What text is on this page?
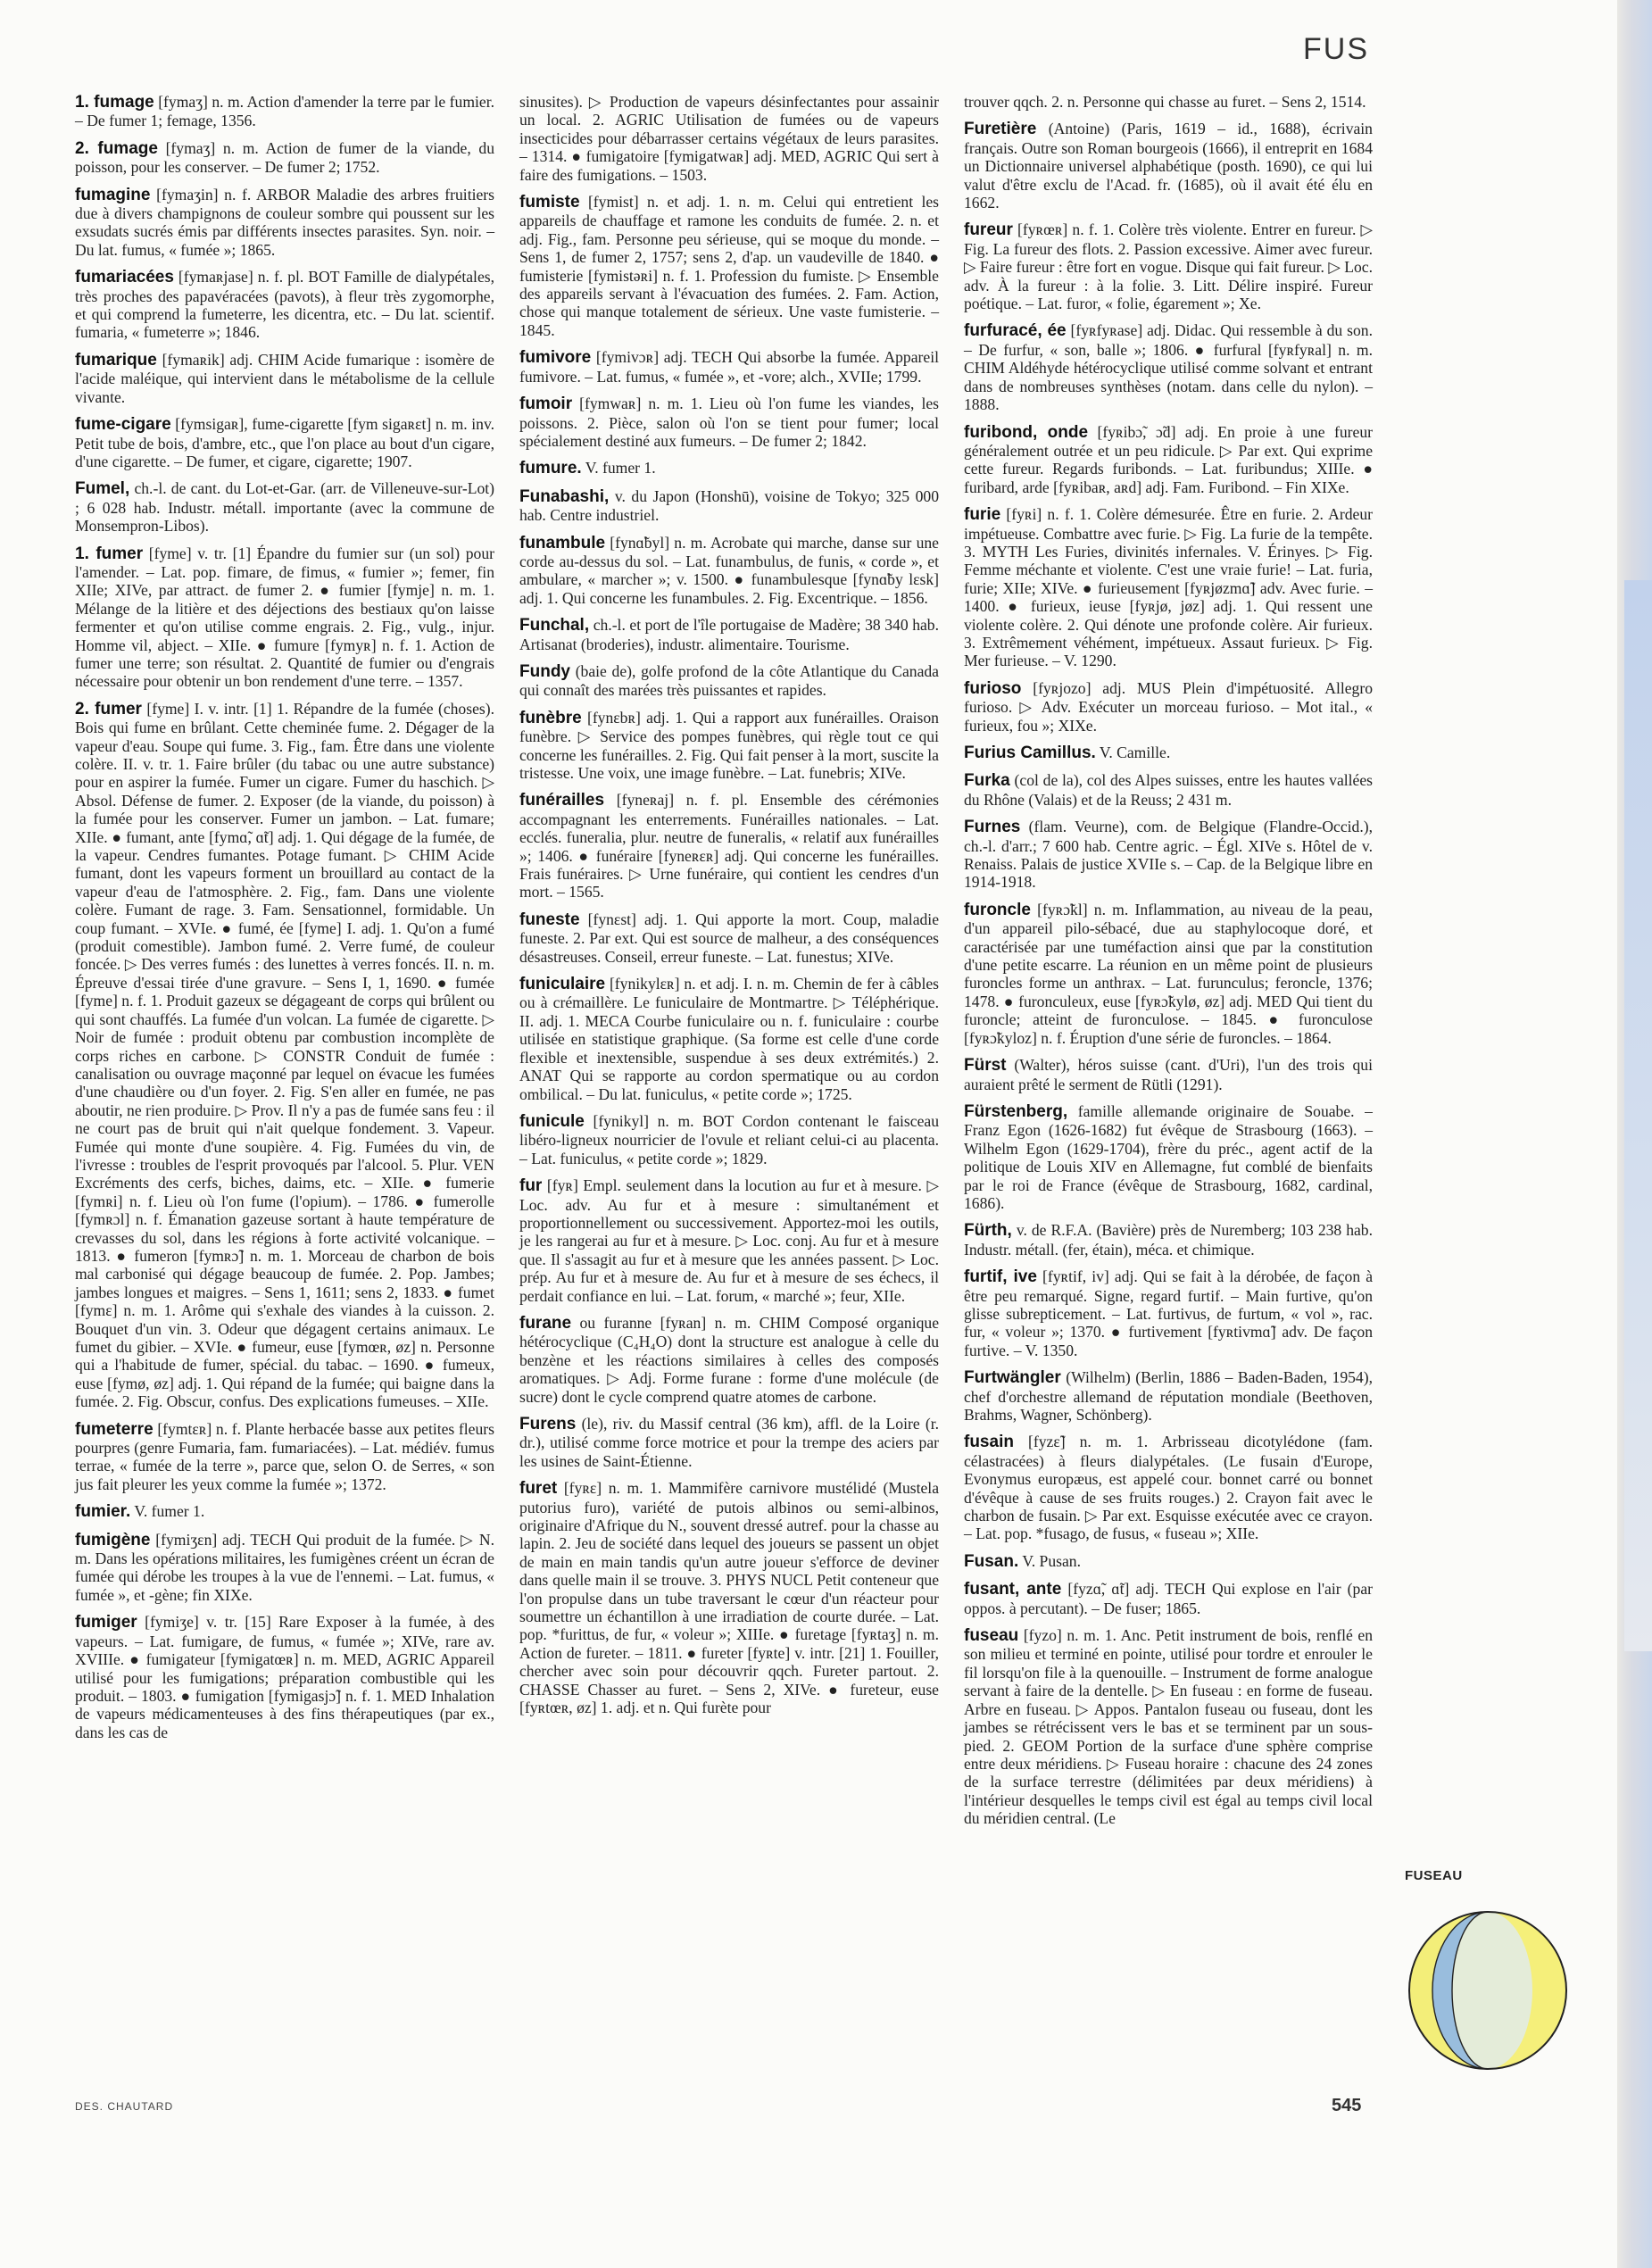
FUS
1. fumage [fymaʒ] n. m. Action d'amender la terre par le fumier. – De fumer 1; femage, 1356.
2. fumage [fymaʒ] n. m. Action de fumer de la viande, du poisson, pour les conserver. – De fumer 2; 1752.
fumagine [fymaʒin] n. f. ARBOR Maladie des arbres fruitiers due à divers champignons de couleur sombre qui poussent sur les exsudats sucrés émis par différents insectes parasites. Syn. noir. – Du lat. fumus, « fumée »; 1865.
fumariacées [fymaʀjase] n. f. pl. BOT Famille de dialypétales, très proches des papavéracées (pavots), à fleur très zygomorphe, et qui comprend la fumeterre, les dicentra, etc. – Du lat. scientif. fumaria, « fumeterre »; 1846.
fumarique [fymaʀik] adj. CHIM Acide fumarique : isomère de l'acide maléique, qui intervient dans le métabolisme de la cellule vivante.
fume-cigare [fymsigaʀ], fume-cigarette [fym sigaʀɛt] n. m. inv. Petit tube de bois, d'ambre, etc., que l'on place au bout d'un cigare, d'une cigarette. – De fumer, et cigare, cigarette; 1907.
Fumel, ch.-l. de cant. du Lot-et-Gar. (arr. de Villeneuve-sur-Lot) ; 6 028 hab. Industr. métall. importante (avec la commune de Monsempron-Libos).
1. fumer [fyme] v. tr. [1] Épandre du fumier sur (un sol) pour l'amender. – Lat. pop. fimare, de fimus, « fumier »; femer, fin XIIe; XIVe, par attract. de fumer 2. ● fumier [fymje] n. m. 1. Mélange de la litière et des déjections des bestiaux qu'on laisse fermenter et qu'on utilise comme engrais. 2. Fig., vulg., injur. Homme vil, abject. – XIIe. ● fumure [fymyʀ] n. f. 1. Action de fumer une terre; son résultat. 2. Quantité de fumier ou d'engrais nécessaire pour obtenir un bon rendement d'une terre. – 1357.
2. fumer [fyme] I. v. intr. [1] 1. Répandre de la fumée (choses). Bois qui fume en brûlant. Cette cheminée fume. 2. Dégager de la vapeur d'eau. Soupe qui fume. 3. Fig., fam. Être dans une violente colère. II. v. tr. 1. Faire brûler (du tabac ou une autre substance) pour en aspirer la fumée. Fumer un cigare. Fumer du haschich. ▷ Absol. Défense de fumer. 2. Exposer (de la viande, du poisson) à la fumée pour les conserver. Fumer un jambon. – Lat. fumare; XIIe. ● fumant, ante [fymɑ̃, ɑ̃t] adj. 1. Qui dégage de la fumée, de la vapeur. Cendres fumantes. Potage fumant. ▷ CHIM Acide fumant, dont les vapeurs forment un brouillard au contact de la vapeur d'eau de l'atmosphère. 2. Fig., fam. Dans une violente colère. Fumant de rage. 3. Fam. Sensationnel, formidable. Un coup fumant. – XVIe. ● fumé, ée [fyme] I. adj. 1. Qu'on a fumé (produit comestible). Jambon fumé. 2. Verre fumé, de couleur foncée. ▷ Des verres fumés : des lunettes à verres foncés. II. n. m. Épreuve d'essai tirée d'une gravure. – Sens I, 1, 1690. ● fumée [fyme] n. f. 1. Produit gazeux se dégageant de corps qui brûlent ou qui sont chauffés. La fumée d'un volcan. La fumée de cigarette. ▷ Noir de fumée : produit obtenu par combustion incomplète de corps riches en carbone. ▷ CONSTR Conduit de fumée : canalisation ou ouvrage maçonné par lequel on évacue les fumées d'une chaudière ou d'un foyer. 2. Fig. S'en aller en fumée, ne pas aboutir, ne rien produire. ▷ Prov. Il n'y a pas de fumée sans feu : il ne court pas de bruit qui n'ait quelque fondement. 3. Vapeur. Fumée qui monte d'une soupière. 4. Fig. Fumées du vin, de l'ivresse : troubles de l'esprit provoqués par l'alcool. 5. Plur. VEN Excréments des cerfs, biches, daims, etc. – XIIe. ● fumerie [fymʀi] n. f. Lieu où l'on fume (l'opium). – 1786. ● fumerolle [fymʀɔl] n. f. Émanation gazeuse sortant à haute température de crevasses du sol, dans les régions à forte activité volcanique. – 1813. ● fumeron [fymʀɔ̃] n. m. 1. Morceau de charbon de bois mal carbonisé qui dégage beaucoup de fumée. 2. Pop. Jambes; jambes longues et maigres. – Sens 1, 1611; sens 2, 1833. ● fumet [fymɛ] n. m. 1. Arôme qui s'exhale des viandes à la cuisson. 2. Bouquet d'un vin. 3. Odeur que dégagent certains animaux. Le fumet du gibier. – XVIe. ● fumeur, euse [fymœʀ, øz] n. Personne qui a l'habitude de fumer, spécial. du tabac. – 1690. ● fumeux, euse [fymø, øz] adj. 1. Qui répand de la fumée; qui baigne dans la fumée. 2. Fig. Obscur, confus. Des explications fumeuses. – XIIe.
fumeterre [fymtɛʀ] n. f. Plante herbacée basse aux petites fleurs pourpres (genre Fumaria, fam. fumariacées). – Lat. médiév. fumus terrae, « fumée de la terre », parce que, selon O. de Serres, « son jus fait pleurer les yeux comme la fumée »; 1372.
fumier. V. fumer 1.
fumigène [fymiʒɛn] adj. TECH Qui produit de la fumée. ▷ N. m. Dans les opérations militaires, les fumigènes créent un écran de fumée qui dérobe les troupes à la vue de l'ennemi. – Lat. fumus, « fumée », et -gène; fin XIXe.
fumiger [fymiʒe] v. tr. [15] Rare Exposer à la fumée, à des vapeurs. – Lat. fumigare, de fumus, « fumée »; XIVe, rare av. XVIIIe. ● fumigateur [fymigatœʀ] n. m. MED, AGRIC Appareil utilisé pour les fumigations; préparation combustible qui les produit. – 1803. ● fumigation [fymigasjɔ̃] n. f. 1. MED Inhalation de vapeurs médicamenteuses à des fins thérapeutiques (par ex., dans les cas de
sinusites). ▷ Production de vapeurs désinfectantes pour assainir un local. 2. AGRIC Utilisation de fumées ou de vapeurs insecticides pour débarrasser certains végétaux de leurs parasites. – 1314. ● fumigatoire [fymigatwaʀ] adj. MED, AGRIC Qui sert à faire des fumigations. – 1503.
fumiste [fymist] n. et adj. 1. n. m. Celui qui entretient les appareils de chauffage et ramone les conduits de fumée. 2. n. et adj. Fig., fam. Personne peu sérieuse, qui se moque du monde. – Sens 1, de fumer 2, 1757; sens 2, d'ap. un vaudeville de 1840. ● fumisterie [fymistəʀi] n. f. 1. Profession du fumiste. ▷ Ensemble des appareils servant à l'évacuation des fumées. 2. Fam. Action, chose qui manque totalement de sérieux. Une vaste fumisterie. – 1845.
fumivore [fymivɔʀ] adj. TECH Qui absorbe la fumée. Appareil fumivore. – Lat. fumus, « fumée », et -vore; alch., XVIIe; 1799.
fumoir [fymwaʀ] n. m. 1. Lieu où l'on fume les viandes, les poissons. 2. Pièce, salon où l'on se tient pour fumer; local spécialement destiné aux fumeurs. – De fumer 2; 1842.
fumure. V. fumer 1.
Funabashi, v. du Japon (Honshū), voisine de Tokyo; 325 000 hab. Centre industriel.
funambule [fynɑ̃byl] n. m. Acrobate qui marche, danse sur une corde au-dessus du sol. – Lat. funambulus, de funis, « corde », et ambulare, « marcher »; v. 1500. ● funambulesque [fynɑ̃by lɛsk] adj. 1. Qui concerne les funambules. 2. Fig. Excentrique. – 1856.
Funchal, ch.-l. et port de l'île portugaise de Madère; 38 340 hab. Artisanat (broderies), industr. alimentaire. Tourisme.
Fundy (baie de), golfe profond de la côte Atlantique du Canada qui connaît des marées très puissantes et rapides.
funèbre [fynɛbʀ] adj. 1. Qui a rapport aux funérailles. Oraison funèbre. ▷ Service des pompes funèbres, qui règle tout ce qui concerne les funérailles. 2. Fig. Qui fait penser à la mort, suscite la tristesse. Une voix, une image funèbre. – Lat. funebris; XIVe.
funérailles [fyneʀaj] n. f. pl. Ensemble des cérémonies accompagnant les enterrements. Funérailles nationales. – Lat. ecclés. funeralia, plur. neutre de funeralis, « relatif aux funérailles »; 1406. ● funéraire [fyneʀɛʀ] adj. Qui concerne les funérailles. Frais funéraires. ▷ Urne funéraire, qui contient les cendres d'un mort. – 1565.
funeste [fynɛst] adj. 1. Qui apporte la mort. Coup, maladie funeste. 2. Par ext. Qui est source de malheur, a des conséquences désastreuses. Conseil, erreur funeste. – Lat. funestus; XIVe.
funiculaire [fynikylɛʀ] n. et adj. I. n. m. Chemin de fer à câbles ou à crémaillère. Le funiculaire de Montmartre. ▷ Téléphérique. II. adj. 1. MECA Courbe funiculaire ou n. f. funiculaire : courbe utilisée en statistique graphique. (Sa forme est celle d'une corde flexible et inextensible, suspendue à ses deux extrémités.) 2. ANAT Qui se rapporte au cordon spermatique ou au cordon ombilical. – Du lat. funiculus, « petite corde »; 1725.
funicule [fynikyl] n. m. BOT Cordon contenant le faisceau libéro-ligneux nourricier de l'ovule et reliant celui-ci au placenta. – Lat. funiculus, « petite corde »; 1829.
fur [fyʀ] Empl. seulement dans la locution au fur et à mesure. ▷ Loc. adv. Au fur et à mesure : simultanément et proportionnellement ou successivement. Apportez-moi les outils, je les rangerai au fur et à mesure. ▷ Loc. conj. Au fur et à mesure que. Il s'assagit au fur et à mesure que les années passent. ▷ Loc. prép. Au fur et à mesure de. Au fur et à mesure de ses échecs, il perdait confiance en lui. – Lat. forum, « marché »; feur, XIIe.
furane ou furanne [fyʀan] n. m. CHIM Composé organique hétérocyclique (C₄H₄O) dont la structure est analogue à celle du benzène et les réactions similaires à celles des composés aromatiques. ▷ Adj. Forme furane : forme d'une molécule (de sucre) dont le cycle comprend quatre atomes de carbone.
Furens (le), riv. du Massif central (36 km), affl. de la Loire (r. dr.), utilisé comme force motrice et pour la trempe des aciers par les usines de Saint-Étienne.
furet [fyʀɛ] n. m. 1. Mammifère carnivore mustélidé (Mustela putorius furo), variété de putois albinos ou semi-albinos, originaire d'Afrique du N., souvent dressé autref. pour la chasse au lapin. 2. Jeu de société dans lequel des joueurs se passent un objet de main en main tandis qu'un autre joueur s'efforce de deviner dans quelle main il se trouve. 3. PHYS NUCL Petit conteneur que l'on propulse dans un tube traversant le cœur d'un réacteur pour soumettre un échantillon à une irradiation de courte durée. – Lat. pop. *furittus, de fur, « voleur »; XIIIe. ● furetage [fyʀtaʒ] n. m. Action de fureter. – 1811. ● fureter [fyʀte] v. intr. [21] 1. Fouiller, chercher avec soin pour découvrir qqch. Fureter partout. 2. CHASSE Chasser au furet. – Sens 2, XIVe. ● fureteur, euse [fyʀtœʀ, øz] 1. adj. et n. Qui furète pour
trouver qqch. 2. n. Personne qui chasse au furet. – Sens 2, 1514.
Furetière (Antoine) (Paris, 1619 – id., 1688), écrivain français. Outre son Roman bourgeois (1666), il entreprit en 1684 un Dictionnaire universel alphabétique (posth. 1690), ce qui lui valut d'être exclu de l'Acad. fr. (1685), où il avait été élu en 1662.
fureur [fyʀœʀ] n. f. 1. Colère très violente. Entrer en fureur. ▷ Fig. La fureur des flots. 2. Passion excessive. Aimer avec fureur. ▷ Faire fureur : être fort en vogue. Disque qui fait fureur. ▷ Loc. adv. À la fureur : à la folie. 3. Litt. Délire inspiré. Fureur poétique. – Lat. furor, « folie, égarement »; Xe.
furfuracé, ée [fyʀfyʀase] adj. Didac. Qui ressemble à du son. – De furfur, « son, balle »; 1806. ● furfural [fyʀfyʀal] n. m. CHIM Aldéhyde hétérocyclique utilisé comme solvant et entrant dans de nombreuses synthèses (notam. dans celle du nylon). – 1888.
furibond, onde [fyʀibɔ̃, ɔ̃d] adj. En proie à une fureur généralement outrée et un peu ridicule. ▷ Par ext. Qui exprime cette fureur. Regards furibonds. – Lat. furibundus; XIIIe. ● furibard, arde [fyʀibaʀ, aʀd] adj. Fam. Furibond. – Fin XIXe.
furie [fyʀi] n. f. 1. Colère démesurée. Être en furie. 2. Ardeur impétueuse. Combattre avec furie. ▷ Fig. La furie de la tempête. 3. MYTH Les Furies, divinités infernales. V. Érinyes. ▷ Fig. Femme méchante et violente. C'est une vraie furie! – Lat. furia, furie; XIIe; XIVe. ● furieusement [fyʀjøzmɑ̃] adv. Avec furie. – 1400. ● furieux, ieuse [fyʀjø, jøz] adj. 1. Qui ressent une violente colère. 2. Qui dénote une profonde colère. Air furieux. 3. Extrêmement véhément, impétueux. Assaut furieux. ▷ Fig. Mer furieuse. – V. 1290.
furioso [fyʀjozo] adj. MUS Plein d'impétuosité. Allegro furioso. ▷ Adv. Exécuter un morceau furioso. – Mot ital., « furieux, fou »; XIXe.
Furius Camillus. V. Camille.
Furka (col de la), col des Alpes suisses, entre les hautes vallées du Rhône (Valais) et de la Reuss; 2 431 m.
Furnes (flam. Veurne), com. de Belgique (Flandre-Occid.), ch.-l. d'arr.; 7 600 hab. Centre agric. – Égl. XIVe s. Hôtel de v. Renaiss. Palais de justice XVIIe s. – Cap. de la Belgique libre en 1914-1918.
furoncle [fyʀɔ̃kl] n. m. Inflammation, au niveau de la peau, d'un appareil pilo-sébacé, due au staphylocoque doré, et caractérisée par une tuméfaction ainsi que par la constitution d'une petite escarre. La réunion en un même point de plusieurs furoncles forme un anthrax. – Lat. furunculus; feroncle, 1376; 1478. ● furonculeux, euse [fyʀɔ̃kylø, øz] adj. MED Qui tient du furoncle; atteint de furonculose. – 1845. ● furonculose [fyʀɔ̃kyloz] n. f. Éruption d'une série de furoncles. – 1864.
Fürst (Walter), héros suisse (cant. d'Uri), l'un des trois qui auraient prêté le serment de Rütli (1291).
Fürstenberg, famille allemande originaire de Souabe. – Franz Egon (1626-1682) fut évêque de Strasbourg (1663). – Wilhelm Egon (1629-1704), frère du préc., agent actif de la politique de Louis XIV en Allemagne, fut comblé de bienfaits par le roi de France (évêque de Strasbourg, 1682, cardinal, 1686).
Fürth, v. de R.F.A. (Bavière) près de Nuremberg; 103 238 hab. Industr. métall. (fer, étain), méca. et chimique.
furtif, ive [fyʀtif, iv] adj. Qui se fait à la dérobée, de façon à être peu remarqué. Signe, regard furtif. – Main furtive, qu'on glisse subrepticement. – Lat. furtivus, de furtum, « vol », rac. fur, « voleur »; 1370. ● furtivement [fyʀtivmɑ̃] adv. De façon furtive. – V. 1350.
Furtwängler (Wilhelm) (Berlin, 1886 – Baden-Baden, 1954), chef d'orchestre allemand de réputation mondiale (Beethoven, Brahms, Wagner, Schönberg).
fusain [fyzɛ̃] n. m. 1. Arbrisseau dicotylédone (fam. célastracées) à fleurs dialypétales. (Le fusain d'Europe, Evonymus europæus, est appelé cour. bonnet carré ou bonnet d'évêque à cause de ses fruits rouges.) 2. Crayon fait avec le charbon de fusain. ▷ Par ext. Esquisse exécutée avec ce crayon. – Lat. pop. *fusago, de fusus, « fuseau »; XIIe.
Fusan. V. Pusan.
fusant, ante [fyzɑ̃, ɑ̃t] adj. TECH Qui explose en l'air (par oppos. à percutant). – De fuser; 1865.
fuseau [fyzo] n. m. 1. Anc. Petit instrument de bois, renflé en son milieu et terminé en pointe, utilisé pour tordre et enrouler le fil lorsqu'on file à la quenouille. – Instrument de forme analogue servant à faire de la dentelle. ▷ En fuseau : en forme de fuseau. Arbre en fuseau. ▷ Appos. Pantalon fuseau ou fuseau, dont les jambes se rétrécissent vers le bas et se terminent par un sous-pied. 2. GEOM Portion de la surface d'une sphère comprise entre deux méridiens. ▷ Fuseau horaire : chacune des 24 zones de la surface terrestre (délimitées par deux méridiens) à l'intérieur desquelles le temps civil est égal au temps civil local du méridien central. (Le
FUSEAU
DES. CHAUTARD	545
